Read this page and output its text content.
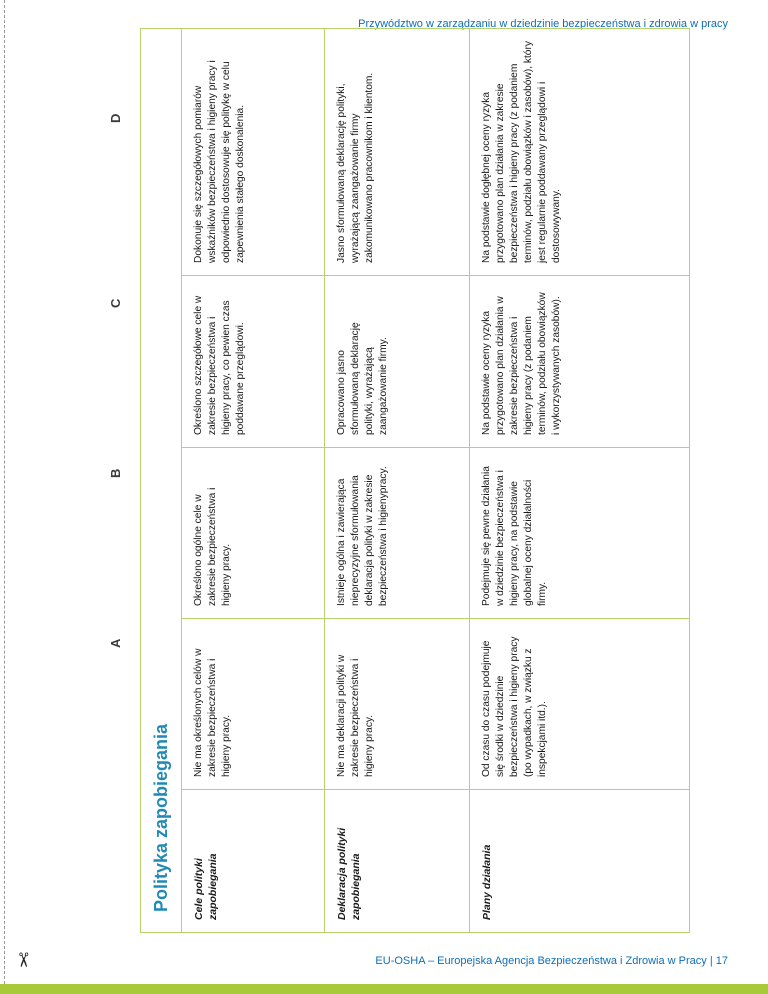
✂
Przywództwo w zarządzaniu w dziedzinie bezpieczeństwa i zdrowia w pracy
A
B
C
D
Polityka zapobiegania	Cele polityki zapobiegania
Nie ma określonych celów w zakresie bezpieczeństwa i higieny pracy.
Określono ogólne cele w zakresie bezpieczeństwa i higieny pracy.
Określono szczegółowe cele w zakresie bezpieczeństwa i higieny pracy, co pewien czas poddawane przeglądowi.
Dokonuje się szczegółowych pomiarów wskaźników bezpieczeństwa i higieny pracy i odpowiednio dostosowuje się politykę w celu zapewnienia stałego doskonalenia.
Deklaracja polityki zapobiegania
Nie ma deklaracji polityki w zakresie bezpieczeństwa i higieny pracy.
Istnieje ogólna i zawierająca nieprecyzyjne sformułowania deklaracja polityki w zakresie bezpieczeństwa i higienypracy.
Opracowano jasno sformułowaną deklarację polityki, wyrażającą zaangażowanie firmy.
Jasno sformułowaną deklarację polityki, wyrażającą zaangażowanie firmy zakomunikowano pracownikom i klientom.
Plany działania
Od czasu do czasu podejmuje się środki w dziedzinie bezpieczeństwa i higieny pracy (po wypadkach, w związku z inspekcjami itd.).
Podejmuje się pewne działania w dziedzinie bezpieczeństwa i higieny pracy, na podstawie globalnej oceny działalności firmy.
Na podstawie oceny ryzyka przygotowano plan działania w zakresie bezpieczeństwa i higieny pracy (z podaniem terminów, podziału obowiązków i wykorzystywanych zasobów).
Na podstawie dogłębnej oceny ryzyka przygotowano plan działania w zakresie bezpieczeństwa i higieny pracy (z podaniem terminów, podziału obowiązków i zasobów), który jest regularnie poddawany przeglądowi i dostosowywany.
EU-OSHA – Europejska Agencja Bezpieczeństwa i Zdrowia w Pracy | 17
